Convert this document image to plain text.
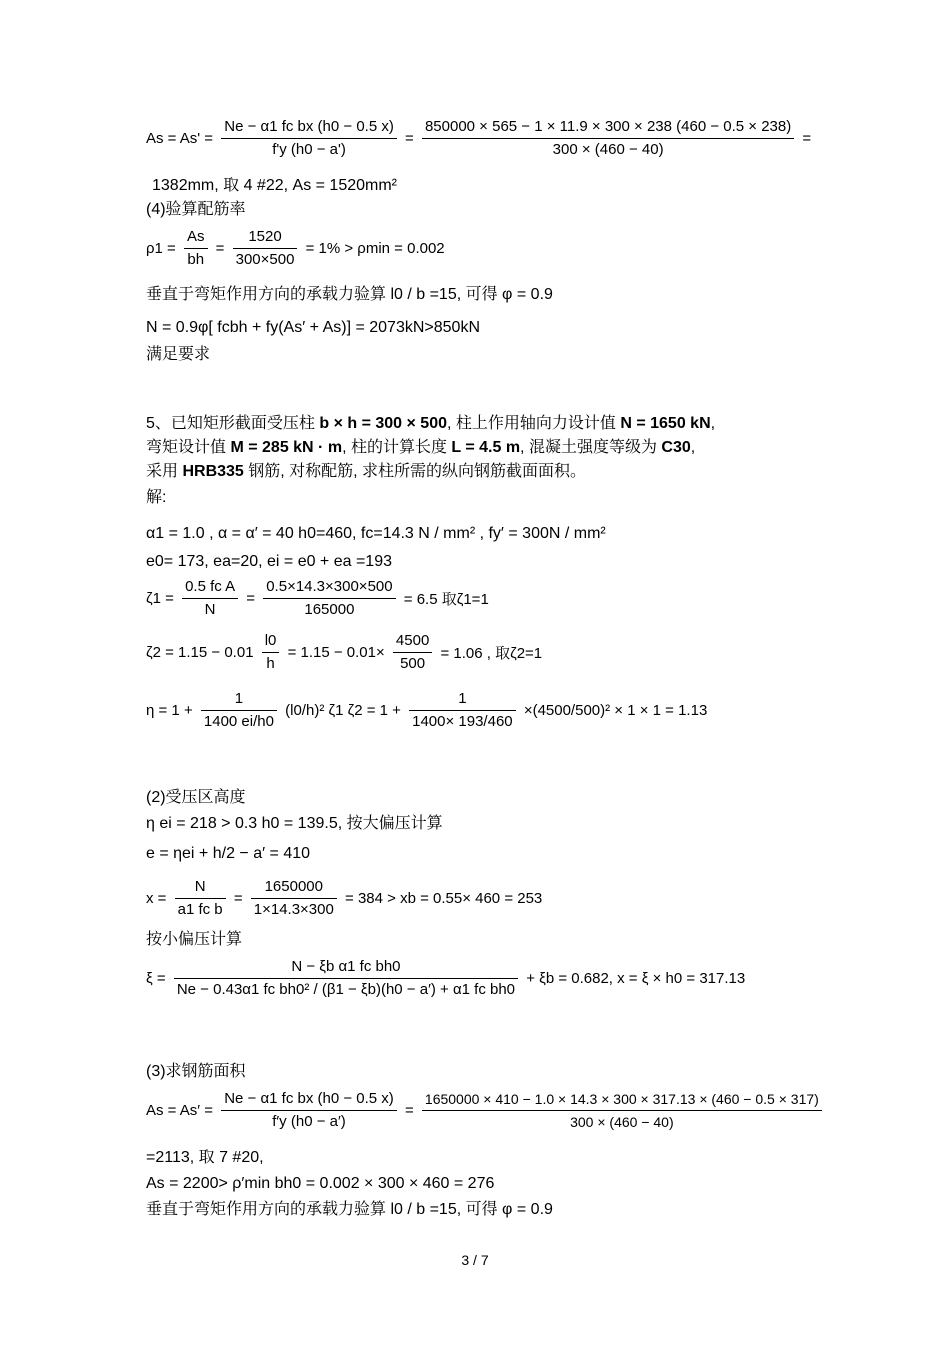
$As = As' = \frac{\text{Ne − α1 fc bx (h0 − 0.5 x)}}{f'y (h0 - a')} = \frac{850000 \times 565 - 1 \times 11.9 \times 300 \times 238 (460 - 0.5 \times 238)}{300 \times (460 - 40)}$ =
1382mm, 取 4 #22, As = 1520mm²
(4)验算配筋率
$\rho 1 = \frac{As}{bh} = \frac{1520}{300\times 500} = 1\% > \rho\min = 0.002$
垂直于弯矩作用方向的承载力验算 l0 / b =15, 可得 φ = 0.9
N = 0.9φ[ fcbh + fy(As′ + As)] = 2073kN>850kN
满足要求
5、已知矩形截面受压柱 b × h = 300 × 500, 柱上作用轴向力设计值 N = 1650 kN,
弯矩设计值 M = 285 kN · m, 柱的计算长度 L = 4.5 m, 混凝土强度等级为 C30,
采用 HRB335 钢筋, 对称配筋, 求柱所需的纵向钢筋截面面积。
解:
α1 = 1.0 , α = α′ = 40 h0=460, fc=14.3 N / mm² , fy′ = 300N / mm²
e0= 173, ea=20, ei = e0 + ea =193
$\zeta 1 = \frac{\text{0.5 fc A}}{N} = \frac{0.5\times 14.3\times 300\times 500}{165000} = 6.5$ 取ζ1=1
$\zeta 2 = 1.15 - 0.01 \frac{l0}{h} = 1.15 - 0.01\times \frac{4500}{500} = 1.06$ , 取ζ2=1
$\eta = 1 + \frac{1}{1400 ei/h0} (l0/h)^2$ ζ1 $\zeta 2 = 1 + \frac{1}{1400\times 193/460} \times(4500/500)^2 \times 1 \times 1 = 1.13$
(2)受压区高度
η ei = 218 > 0.3 h0 = 139.5, 按大偏压计算
e = ηei + h/2 − a′ = 410
$x = \frac{N}{\text{a1 fc b}} = \frac{1650000}{1\times 14.3\times 300} = 384$ > xb = 0.55× 460 = 253
按小偏压计算
$\xi = \frac{\text{N − ξb α1 fc bh0}}{\text{Ne − 0.43α1 fc bh0² / (β1 − ξb)(h0 − a′) + α1 fc bh0}} + \xi b = 0.682$, x = ξ × h0 = 317.13
(3)求钢筋面积
$As = As' = \frac{\text{Ne − α1 fc bx (h0 − 0.5 x)}}{f'y (h0 - a')}$ =
1650000 × 410 − 1.0 × 14.3 × 300 × 317.13 × (460 − 0.5 × 317)
300 × (460 − 40)
=2113, 取 7 #20,
As = 2200> ρ′min bh0 = 0.002 × 300 × 460 = 276
垂直于弯矩作用方向的承载力验算 l0 / b =15, 可得 φ = 0.9
3 / 7
